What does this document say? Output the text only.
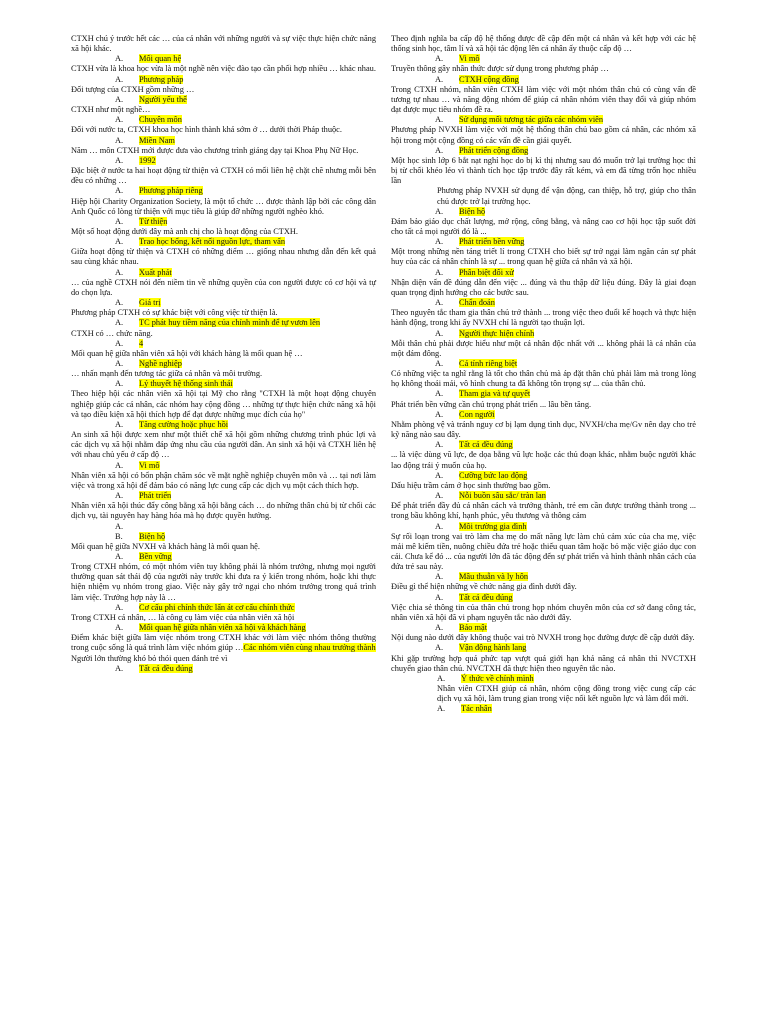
CTXH chú ý trước hết các … của cá nhân với những người và sự việc thực hiện chức năng xã hội khác.

A. Mối quan hệ

CTXH vừa là khoa học vừa là một nghề nên việc đào tạo cần phối hợp nhiều … khác nhau.

A. Phương pháp

Đối tượng của CTXH gồm những …

A. Người yếu thế

CTXH như một nghề…

A. Chuyên môn

Đối với nước ta, CTXH khoa học hình thành khá sớm ở … dưới thời Pháp thuộc.

A. Miền Nam

Năm … môn CTXH mới được đưa vào chương trình giảng dạy tại Khoa Phụ Nữ Học.

A. 1992

Đặc biệt ở nước ta hai hoạt động từ thiện và CTXH có mối liên hệ chặt chẽ nhưng mỗi bên đều có những …

A. Phương pháp riêng

Hiệp hội Charity Organization Society, là một tổ chức … được thành lập bởi các công dân Anh Quốc có lòng từ thiện với mục tiêu là giúp đỡ những người nghèo khó.

A. Từ thiện

Một số hoạt động dưới đây mà anh chị cho là hoạt động của CTXH.

A. Trao học bổng, kết nối nguồn lực, tham vấn

Giữa hoạt động từ thiện và CTXH có những điểm … giống nhau nhưng dẫn đến kết quả sau cùng khác nhau.

A. Xuất phát

… của nghề CTXH nói đến niềm tin về những quyền của con người được có cơ hội và tự do chọn lựa.

A. Giá trị

Phương pháp CTXH có sự khác biệt với công việc từ thiện là.

A. TC phát huy tiềm năng của chính mình để tự vươn lên

CTXH có … chức năng.

A. 4

Mối quan hệ giữa nhân viên xã hội với khách hàng là mối quan hệ …

A. Nghề nghiệp

… nhấn mạnh đến tương tác giữa cá nhân và môi trường.

A. Lý thuyết hệ thống sinh thái

Theo hiệp hội các nhân viên xã hội tại Mỹ cho rằng "CTXH là một hoạt động chuyên nghiệp giúp các cá nhân, các nhóm hay cộng đồng … những tự thực hiện chức năng xã hội và tạo điều kiện xã hội thích hợp để đạt được những mục đích của họ"

A. Tăng cường hoặc phục hồi

An sinh xã hội được xem như một thiết chế xã hội gồm những chương trình phúc lợi và các dịch vụ xã hội nhằm đáp ứng nhu cầu của người dân. An sinh xã hội và CTXH liên hệ với nhau chủ yếu ở cấp độ …

A. Vi mô

Nhân viên xã hội có bổn phận chăm sóc về mặt nghề nghiệp chuyên môn và … tại nơi làm việc và trong xã hội để đảm bảo có năng lực cung cấp các dịch vụ một cách thích hợp.

A. Phát triển

Nhân viên xã hội thúc đẩy công bằng xã hội bằng cách … do những thân chủ bị từ chối các dịch vụ, tài nguyên hay hàng hóa mà họ được quyền hưởng.

A.

B. Biện hộ

Mối quan hệ giữa NVXH và khách hàng là mối quan hệ.

A. Bền vững

Trong CTXH nhóm, có một nhóm viên tuy không phải là nhóm trưởng, nhưng mọi người thường quan sát thái độ của người này trước khi đưa ra ý kiến trong nhóm, hoặc khi thực hiện nhiệm vụ nhóm trong giao. Việc này gây trở ngại cho nhóm trưởng trong quá trình làm việc. Trưởng hợp này là …

A. Cơ cấu phi chính thức lấn át cơ cấu chính thức

Trong CTXH cá nhân, … là công cụ làm việc của nhân viên xã hội

A. Mối quan hệ giữa nhân viên xã hội và khách hàng

Điểm khác biệt giữa làm việc nhóm trong CTXH khác với làm việc nhóm thông thường trong cuộc sống là quá trình làm việc nhóm giúp …Các nhóm viên cùng nhau trưởng thành

Người lớn thường khó bỏ thói quen đánh trẻ vì

A. Tất cả đều đúng

Theo định nghĩa ba cấp độ hệ thống được đề cập đến một cá nhân và kết hợp với các hệ thống sinh học, tâm lí và xã hội tác động lên cá nhân ấy thuộc cấp độ …

A. Vi mô

Truyền thông gây nhân thức được sử dụng trong phương pháp …

A. CTXH cộng đồng

Trong CTXH nhóm, nhân viên CTXH làm việc với một nhóm thân chủ có cùng vấn đề tương tự nhau … và năng động nhóm để giúp cá nhân nhóm viên thay đổi và giúp nhóm đạt được mục tiêu nhóm đề ra.

A. Sử dụng mối tương tác giữa các nhóm viên

Phương pháp NVXH làm việc với một hệ thống thân chủ bao gồm cá nhân, các nhóm xã hội trong một cộng đồng có các vấn đề cần giải quyết.

A. Phát triển cộng đồng

Một học sinh lớp 6 bắt nạt nghỉ học do bị kì thị nhưng sau đó muốn trở lại trường học thì bị từ chối khéo léo vì thành tích học tập trước đây rất kém, và em đã từng trốn học nhiều lần

Phương pháp NVXH sử dụng để vận động, can thiệp, hỗ trợ, giúp cho thân chủ được trở lại trường học.

A. Biện hộ

Đảm bảo giáo dục chất lượng, mở rộng, công bằng, và nâng cao cơ hội học tập suốt đời cho tất cả mọi người đó là ...

A. Phát triển bền vững

Một trong những nền tảng triết lí trong CTXH cho biết sự trở ngại làm ngăn cản sự phát huy của các cá nhân chính là sự ... trong quan hệ giữa cá nhân và xã hội.

A. Phân biệt đối xử

Nhận diện vấn đề đúng dẫn đến việc ... đúng và thu thập dữ liệu đúng. Đây là giai đoạn quan trọng định hướng cho các bước sau.

A. Chẩn đoán

Theo nguyên tắc tham gia thân chủ trở thành ... trong việc theo đuổi kế hoạch và thực hiện hành động, trong khi ấy NVXH chỉ là người tạo thuận lợi.

A. Người thực hiện chính

Mỗi thân chủ phải được hiểu như một cá nhân độc nhất với ... không phải là cá nhân của một đám đông.

A. Cá tính riêng biệt

Có những việc ta nghĩ rằng là tốt cho thân chủ mà áp đặt thân chủ phải làm mà trong lòng họ không thoải mái, vô hình chung ta đã không tôn trọng sự ... của thân chủ.

A. Tham gia và tự quyết

Phát triển bền vững cần chú trọng phát triển ... lâu bền tăng.

A. Con người

Nhằm phòng vệ và tránh nguy cơ bị lạm dụng tình dục, NVXH/cha mẹ/Gv nên dạy cho trẻ kỹ năng nào sau đây.

A. Tất cả đều đúng

... là việc dùng vũ lực, đe dọa bằng vũ lực hoặc các thủ đoạn khác, nhằm buộc người khác lao động trái ý muốn của họ.

A. Cưỡng bức lao động

Dấu hiệu trầm cảm ở học sinh thường bao gồm.

A. Nỗi buồn sâu sắc/ tràn lan

Để phát triển đầy đủ cá nhân cách và trưởng thành, trẻ em cần được trưởng thành trong ... trong bầu không khí, hạnh phúc, yêu thương và thông cảm

A. Môi trường gia đình

Sự rối loạn trong vai trò làm cha mẹ do mất năng lực làm chủ cảm xúc của cha mẹ, việc mải mê kiếm tiền, nuông chiều đứa trẻ hoặc thiếu quan tâm hoặc bỏ mặc việc giáo dục con cái. Chưa kể đó ... của người lớn đã tác động đến sự phát triển và hình thành nhân cách của đứa trẻ sau này.

A. Mâu thuẫn và ly hôn

Điều gì thể hiện những về chức năng gia đình dưới đây.

A. Tất cả đều đúng

Việc chia sẻ thông tin của thân chủ trong họp nhóm chuyên môn của cơ sở đang công tác, nhân viên xã hội đã vi phạm nguyên tắc nào dưới đây.

A. Bảo mật

Nội dung nào dưới đây không thuộc vai trò NVXH trong học đường được đề cập dưới đây.

A. Vận động hành lang

Khi gặp trường hợp quá phức tạp vượt quá giới hạn khả năng cá nhân thì NVCTXH chuyển giao thân chủ. NVCTXH đã thực hiện theo nguyên tắc nào.

A. Ý thức về chính mình

Nhân viên CTXH giúp cá nhân, nhóm cộng đồng trong việc cung cấp các dịch vụ xã hội, làm trung gian trong việc nối kết nguồn lực và làm đổi mới.

A. Tác nhân
